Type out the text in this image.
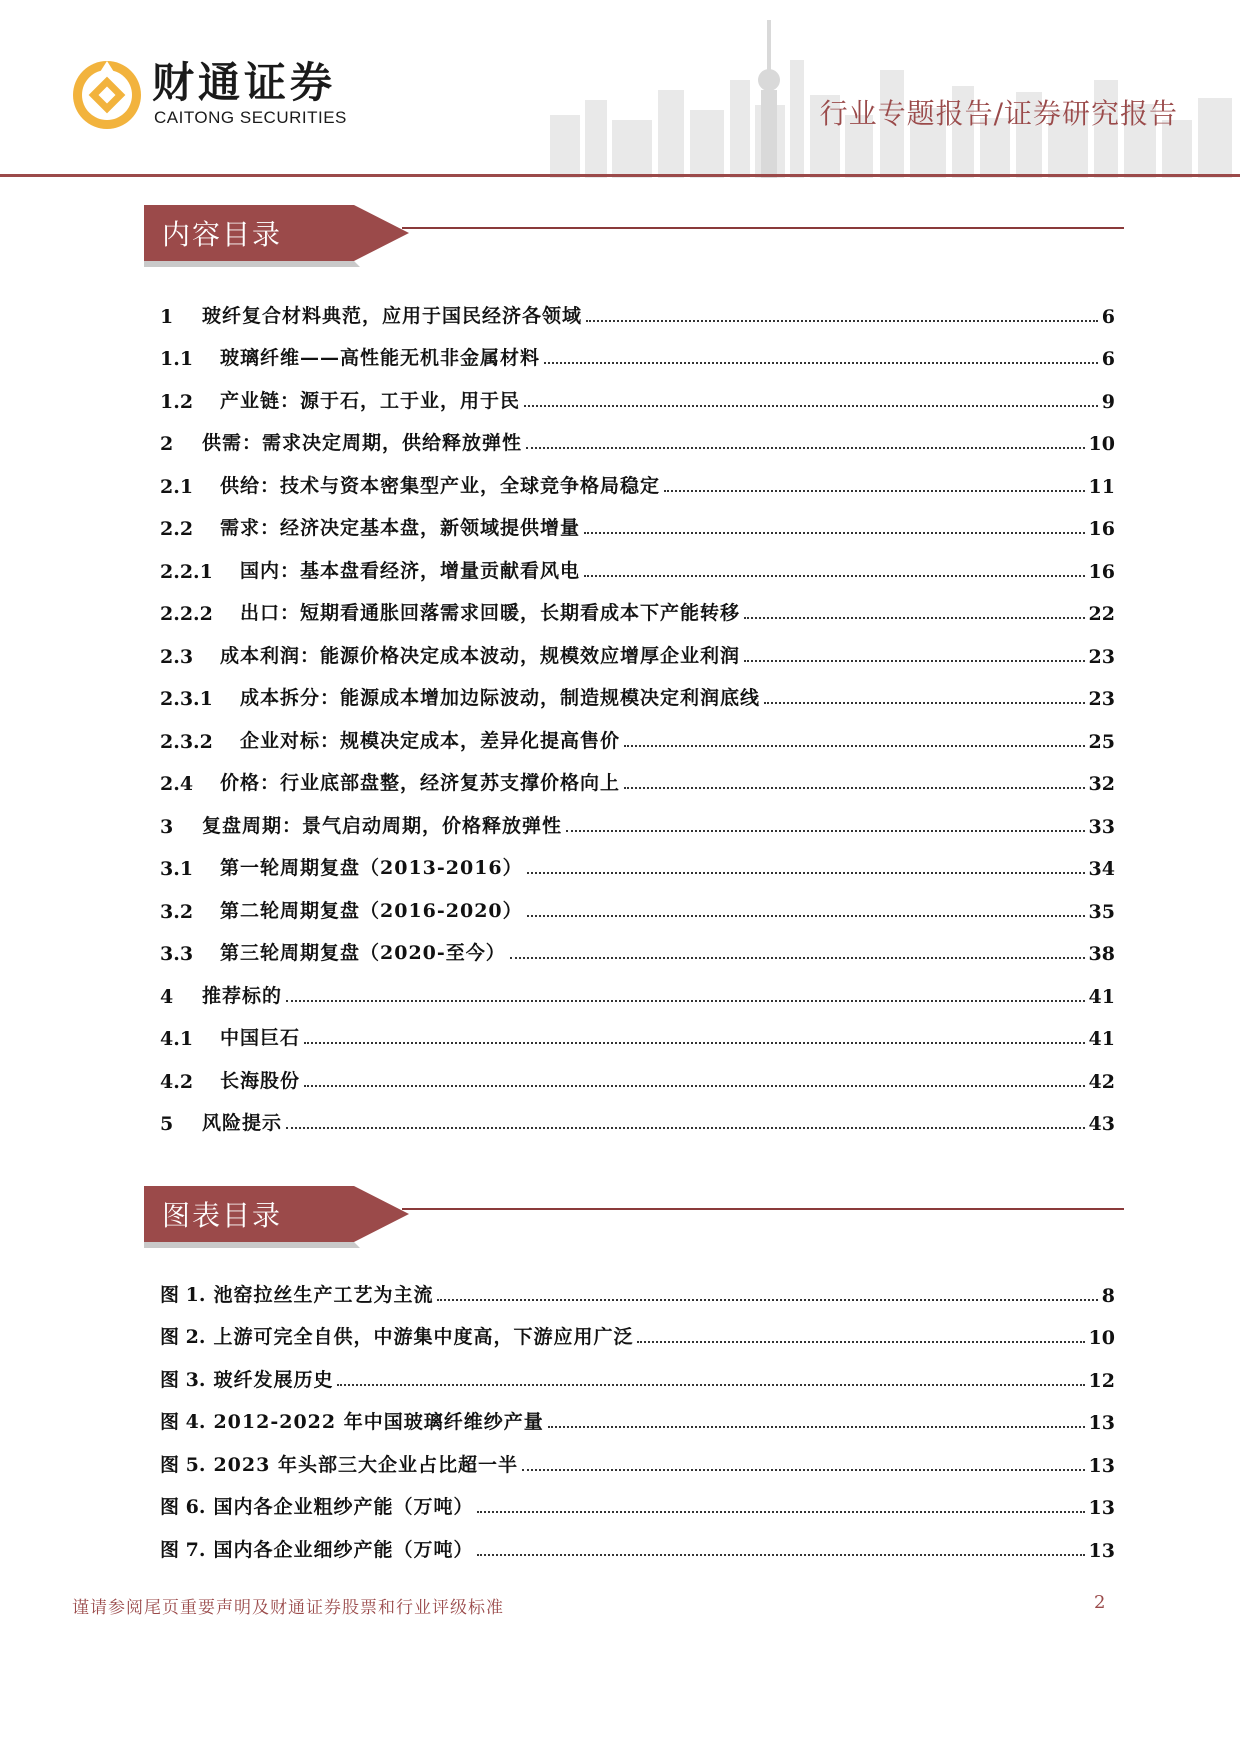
财通证券
CAITONG SECURITIES	行业专题报告/证券研究报告
内容目录
1	玻纤复合材料典范，应用于国民经济各领域	6
1.1	玻璃纤维——高性能无机非金属材料	6
1.2	产业链：源于石，工于业，用于民	9
2	供需：需求决定周期，供给释放弹性	10
2.1	供给：技术与资本密集型产业，全球竞争格局稳定	11
2.2	需求：经济决定基本盘，新领域提供增量	16
2.2.1	国内：基本盘看经济，增量贡献看风电	16
2.2.2	出口：短期看通胀回落需求回暖，长期看成本下产能转移	22
2.3	成本利润：能源价格决定成本波动，规模效应增厚企业利润	23
2.3.1	成本拆分：能源成本增加边际波动，制造规模决定利润底线	23
2.3.2	企业对标：规模决定成本，差异化提高售价	25
2.4	价格：行业底部盘整，经济复苏支撑价格向上	32
3	复盘周期：景气启动周期，价格释放弹性	33
3.1	第一轮周期复盘（2013-2016）	34
3.2	第二轮周期复盘（2016-2020）	35
3.3	第三轮周期复盘（2020-至今）	38
4	推荐标的	41
4.1	中国巨石	41
4.2	长海股份	42
5	风险提示	43
图表目录
图 1. 池窑拉丝生产工艺为主流	8
图 2. 上游可完全自供，中游集中度高，下游应用广泛	10
图 3. 玻纤发展历史	12
图 4. 2012-2022 年中国玻璃纤维纱产量	13
图 5. 2023 年头部三大企业占比超一半	13
图 6. 国内各企业粗纱产能（万吨）	13
图 7. 国内各企业细纱产能（万吨）	13
谨请参阅尾页重要声明及财通证券股票和行业评级标准	2
